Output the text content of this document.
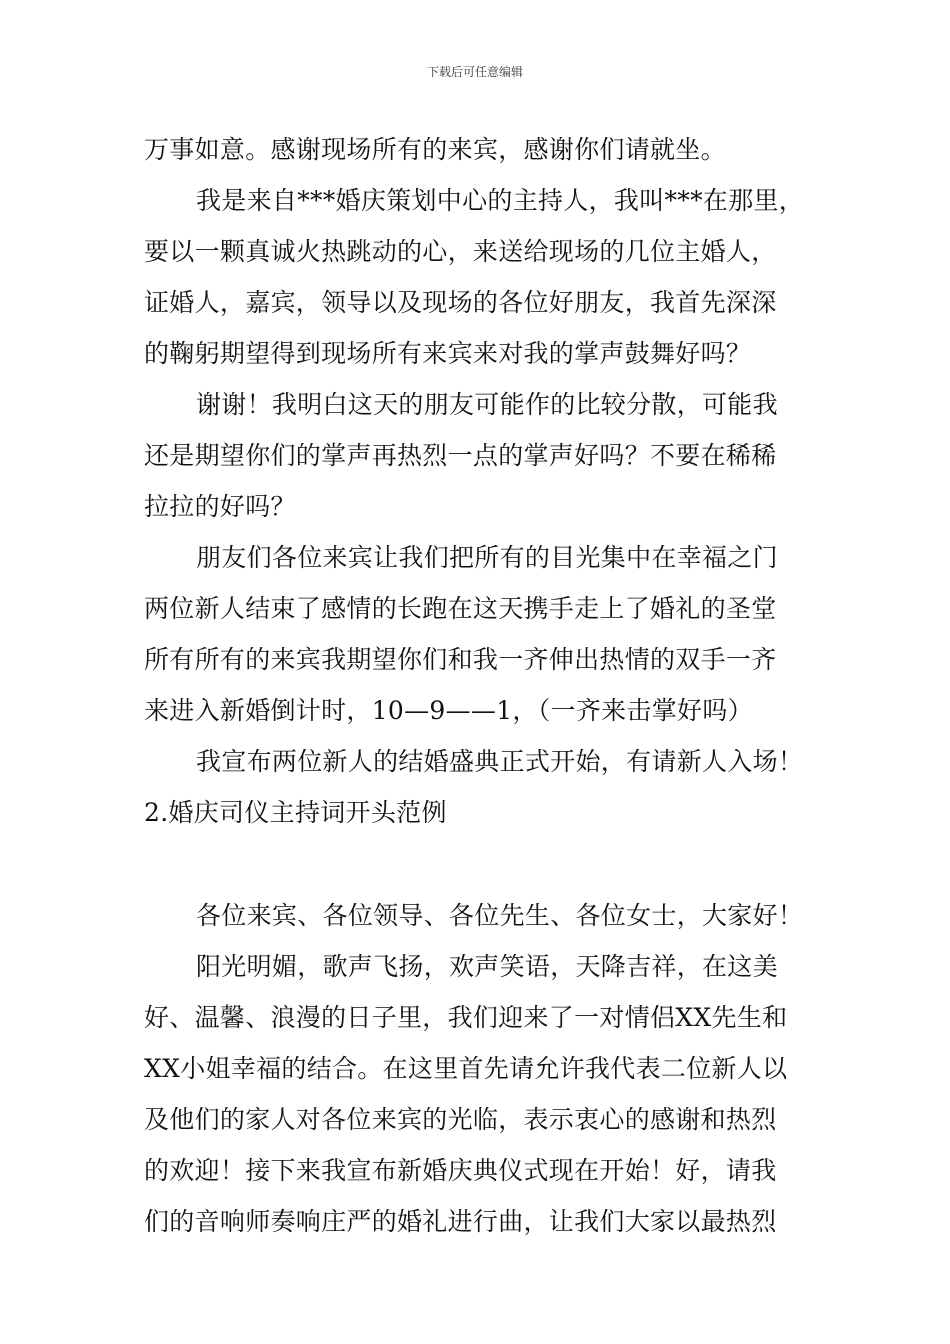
下载后可任意编辑
万事如意。感谢现场所有的来宾，感谢你们请就坐。
我是来自***婚庆策划中心的主持人，我叫***在那里，
要以一颗真诚火热跳动的心，来送给现场的几位主婚人，
证婚人，嘉宾，领导以及现场的各位好朋友，我首先深深
的鞠躬期望得到现场所有来宾来对我的掌声鼓舞好吗？
谢谢！我明白这天的朋友可能作的比较分散，可能我
还是期望你们的掌声再热烈一点的掌声好吗？不要在稀稀
拉拉的好吗？
朋友们各位来宾让我们把所有的目光集中在幸福之门
两位新人结束了感情的长跑在这天携手走上了婚礼的圣堂
所有所有的来宾我期望你们和我一齐伸出热情的双手一齐
来进入新婚倒计时，10—9——1，（一齐来击掌好吗）
我宣布两位新人的结婚盛典正式开始，有请新人入场！
2.婚庆司仪主持词开头范例
各位来宾、各位领导、各位先生、各位女士，大家好！
阳光明媚，歌声飞扬，欢声笑语，天降吉祥，在这美
好、温馨、浪漫的日子里，我们迎来了一对情侣XX先生和
XX小姐幸福的结合。在这里首先请允许我代表二位新人以
及他们的家人对各位来宾的光临，表示衷心的感谢和热烈
的欢迎！接下来我宣布新婚庆典仪式现在开始！好，请我
们的音响师奏响庄严的婚礼进行曲，让我们大家以最热烈
